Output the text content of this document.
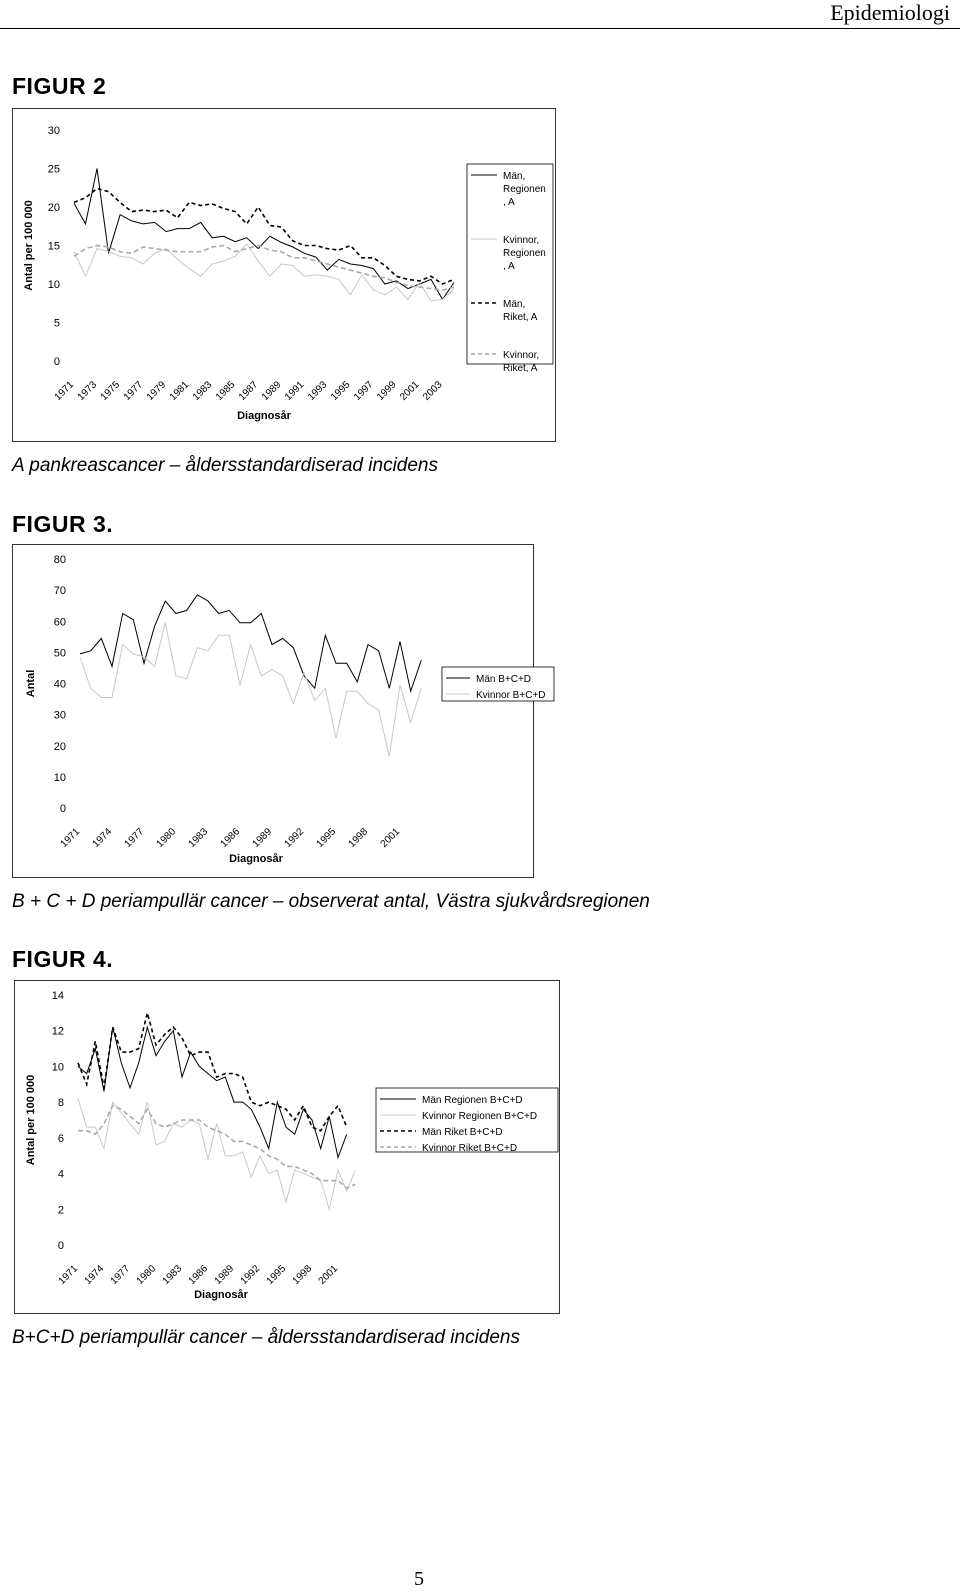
Epidemiologi
FIGUR 2
0
5
10
15
20
25
30
1971 1973 1975 1977 1979 1981 1983 1985 1987 1989 1991 1993 1995 1997 1999 2001 2003
Diagnosår
Antal per 100 000
Män,
Regionen
, A
Kvinnor,
Regionen
, A
Män,
Riket, A
Kvinnor,
Riket, A
A pankreascancer – åldersstandardiserad incidens
FIGUR 3.
0
10
20
30
40
50
60
70
80
1971 1974 1977 1980 1983 1986 1989 1992 1995 1998 2001
Diagnosår
Antal	Män B+C+D
Kvinnor B+C+D
B + C + D periampullär cancer – observerat antal, Västra sjukvårdsregionen
FIGUR 4.
0
2
4
6
8
10
12
14
1971 1974 1977 1980 1983 1986 1989 1992 1995 1998 2001
Diagnosår
Antal per 100 000	Män Regionen B+C+D
Kvinnor Regionen B+C+D
Män Riket B+C+D
Kvinnor Riket B+C+D
B+C+D periampullär cancer – åldersstandardiserad incidens
5
